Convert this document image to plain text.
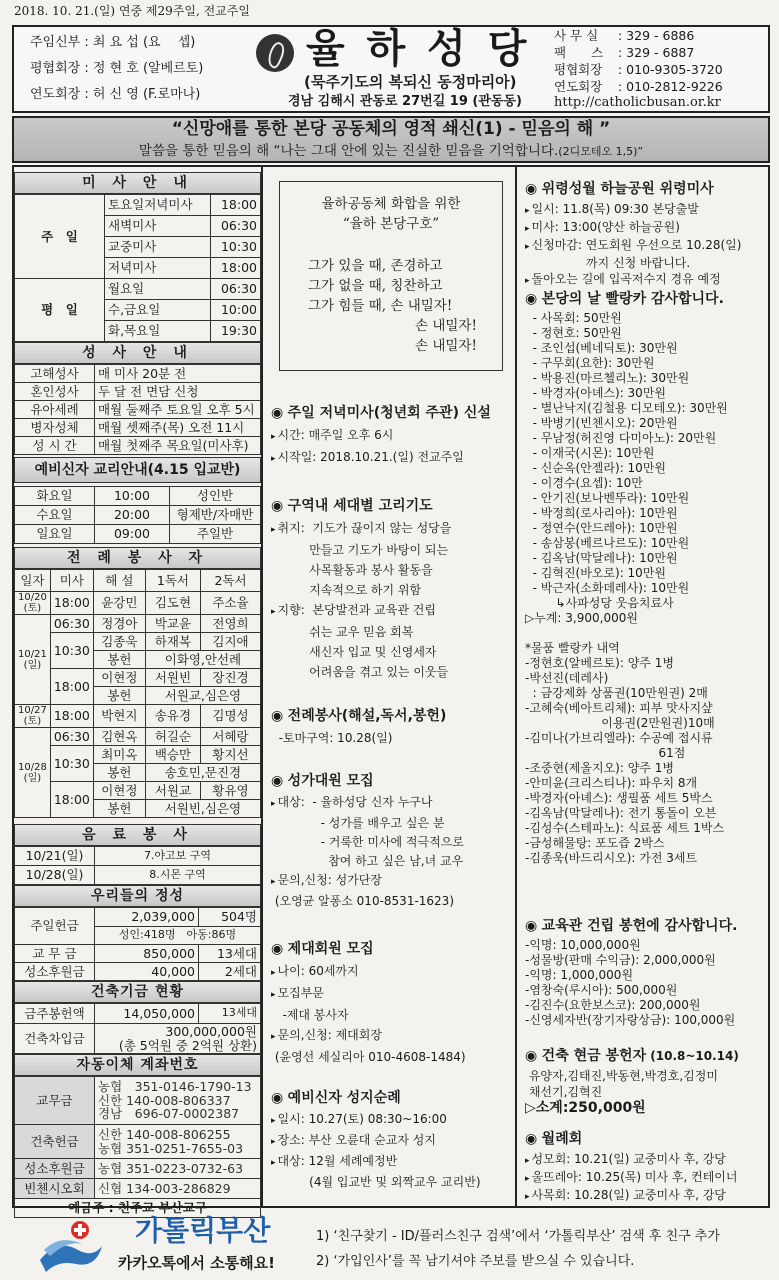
2018. 10. 21.(일) 연중 제29주일, 전교주일
주임신부 : 최 요 섭 (요　 셉)
평협회장 : 정 현 호 (알베르토)
연도회장 : 허 신 영 (F.로마나)
율 하 성 당
(묵주기도의 복되신 동정마리아)
경남 김해시 관동로 27번길 19 (관동동)
사 무 실 : 329 - 6886
팩　　스 : 329 - 6887
평협회장 : 010-9305-3720
연도회장 : 010-2812-9226
http://catholicbusan.or.kr
“신망애를 통한 본당 공동체의 영적 쇄신(1) - 믿음의 해 ”
말씀을 통한 믿음의 해 “나는 그대 안에 있는 진실한 믿음을 기억합니다.(2디모테오 1,5)”
미 사 안 내
주　일	토요일저녁미사	18:00
	새벽미사	06:30
	교중미사	10:30
	저녁미사	18:00
평　일	월요일	06:30
	수,금요일	10:00
	화,목요일	19:30
성 사 안 내
고해성사	매 미사 20분 전
혼인성사	두 달 전 면담 신청
유아세례	매월 둘째주 토요일 오후 5시
병자성체	매월 셋째주(목) 오전 11시
성 시 간	매월 첫째주 목요일(미사후)
예비신자 교리안내(4.15 입교반)
화요일	10:00	성인반
수요일	20:00	형제반/자매반
일요일	09:00	주일반
전 례 봉 사 자
일자	미사	해 설	1독서	2독서

10/20
(토)	18:00	윤강민	김도현	주소율

10/21
(일)	06:30	정경아	박교윤	전영희
	10:30	김종욱	하재복	김지애
		봉헌	이화영,안선례	
	18:00	이현정	서원빈	장진경
		봉헌	서원교,심은영	

10/27
(토)	18:00	박현지	송유경	김명성

10/28
(일)	06:30	김현옥	허길순	서혜랑
	10:30	최미옥	백승만	황지선
		봉헌	송호민,문진경	
	18:00	이현정	서원교	황유영
		봉헌	서원빈,심은영	
음 료 봉 사
10/21(일)	7.야고보 구역
10/28(일)	8.시몬 구역
우리들의 정성
주일헌금	2,039,000	504명
	성인:418명　아동:86명	
교 무 금	850,000	13세대
성소후원금	40,000	2세대
건축기금 현황
금주봉헌액	14,050,000	13세대
건축차입금	300,000,000원
(총 5억원 중 2억원 상환)	
자동이체 계좌번호
교무금	농협　351-0146-1790-13
신한 140-008-806337
경남　696-07-0002387

건축헌금	신한 140-008-806255
농협 351-0251-7655-03

성소후원금	농협 351-0223-0732-63

빈첸시오회	신협 134-003-286829

예금주 : 천주교 부산교구	
율하공동체 화합을 위한
“율하 본당구호”
그가 있을 때, 존경하고
그가 없을 때, 칭찬하고
그가 힘들 때, 손 내밀자!
손 내밀자!
손 내밀자!
◉ 주일 저녁미사(청년회 주관) 신설
▸ 시간: 매주일 오후 6시
▸ 시작일: 2018.10.21.(일) 전교주일
◉ 구역내 세대별 고리기도
▸ 취지:  기도가 끊이지 않는 성당을
만들고 기도가 바탕이 되는
사목활동과 봉사 활동을
지속적으로 하기 위함
▸ 지향:  본당발전과 교육관 건립
쉬는 교우 믿음 회복
새신자 입교 및 신영세자
어려움을 겪고 있는 이웃들
◉ 전례봉사(해설,독서,봉헌)
-토마구역: 10.28(일)
◉ 성가대원 모집
▸ 대상:  - 율하성당 신자 누구나
- 성가를 배우고 싶은 분
- 거룩한 미사에 적극적으로
참여 하고 싶은 남,녀 교우
▸ 문의,신청: 성가단장
(오영균 알퐁소 010-8531-1623)
◉ 제대회원 모집
▸ 나이: 60세까지
▸ 모집부문
-제대 봉사자
▸ 문의,신청: 제대회장
(윤영선 세실리아 010-4608-1484)
◉ 예비신자 성지순례
▸ 일시: 10.27(토) 08:30~16:00
▸ 장소: 부산 오륜대 순교자 성지
▸ 대상: 12월 세례예정반
(4월 입교반 및 외짝교우 교리반)
◉ 위령성월 하늘공원 위령미사
▸ 일시: 11.8(목) 09:30 본당출발
▸ 미사: 13:00(양산 하늘공원)
▸ 신청마감: 연도회원 우선으로 10.28(일)
까지 신청 바랍니다.
▸ 돌아오는 길에 입곡저수지 경유 예정
◉ 본당의 날 빨랑카 감사합니다.
- 사목회: 50만원
- 정현호: 50만원
- 조인섭(베네딕토): 30만원
- 구무회(요한): 30만원
- 박용진(마르첼리노): 30만원
- 박경자(아녜스): 30만원
- 별난낙지(김철용 디모테오): 30만원
- 박병기(빈첸시오): 20만원
- 무남정(허진영 다미아노): 20만원
- 이재국(시몬): 10만원
- 신순옥(안젤라): 10만원
- 이경수(요셉): 10만
- 안기진(보나벤뚜라): 10만원
- 박정희(로사리아): 10만원
- 정연수(안드레아): 10만원
- 송삼봉(베르나르도): 10만원
- 김옥남(막달레나): 10만원
- 김혁진(바오로): 10만원
- 박근자(소화데레사): 10만원
↳사파성당 웃음치료사
▷누계: 3,900,000원

*물품 빨랑카 내역
-정현호(알베르토): 양주 1병
-박선진(데레사)
: 금강제화 상품권(10만원권) 2매
-고혜숙(베아트리체): 피부 맛사지샾
이용권(2만원권)10매
-김미나(가브리엘라): 수공예 접시류
61점
-조중현(제올지오): 양주 1병
-안미윤(크리스티나): 파우치 8개
-박경자(아녜스): 생필품 세트 5박스
-김옥남(막달레나): 전기 통돌이 오븐
-김성수(스테파노): 식료품 세트 1박스
-금성해물탕: 포도즙 2박스
-김종욱(바드리시오): 가전 3세트
◉ 교육관 건립 봉헌에 감사합니다.
-익명: 10,000,000원
-성물방(판매 수익금): 2,000,000원
-익명: 1,000,000원
-염창숙(루시아): 500,000원
-김진수(요한보스코): 200,000원
-신영세자반(장기자랑상금): 100,000원
◉ 건축 현금 봉헌자 (10.8~10.14)
유양자,김태진,박동현,박경호,김정미
채선기,김혁진
▷소계:250,000원
◉ 월례회
▸ 성모회: 10.21(일) 교중미사 후, 강당
▸ 울뜨레아: 10.25(목) 미사 후, 컨테이너
▸ 사목회: 10.28(일) 교중미사 후, 강당
가톨릭부산
카카오톡에서 소통해요!
1) ‘친구찾기 - ID/플러스친구 검색’에서 ‘가톨릭부산’ 검색 후 친구 추가
2) ‘가입인사’를 꼭 남기셔야 주보를 받으실 수 있습니다.
